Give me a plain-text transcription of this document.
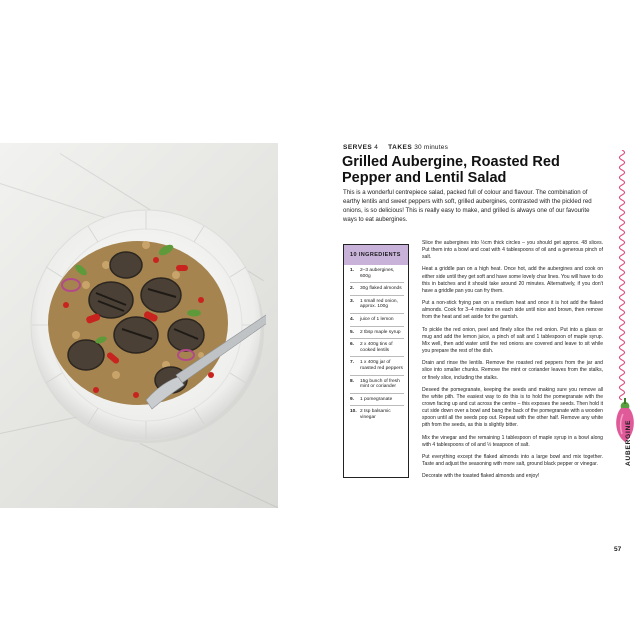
SERVES 4 TAKES 30 minutes
Grilled Aubergine, Roasted Red Pepper and Lentil Salad

This is a wonderful centrepiece salad, packed full of colour and flavour. The combination of earthy lentils and sweet peppers with soft, grilled aubergines, contrasted with the pickled red onions, is so delicious! This is really easy to make, and grilled is always one of our favourite ways to eat aubergines.

10 INGREDIENTS
1.	2–3 aubergines, 600g
2.	30g flaked almonds
3.	1 small red onion, approx. 100g
4.	juice of 1 lemon
5.	2 tbsp maple syrup
6.	2 x 400g tins of cooked lentils
7.	1 x 400g jar of roasted red peppers
8.	15g bunch of fresh mint or coriander
9.	1 pomegranate
10. 2 tsp balsamic vinegar

Slice the aubergines into ½cm thick circles – you should get approx. 48 slices. Put them into a bowl and coat with 4 tablespoons of oil and a generous pinch of salt.

Heat a griddle pan on a high heat. Once hot, add the aubergines and cook on either side until they get soft and have some lovely char lines. You will have to do this in batches and it should take around 20 minutes. Alternatively, if you don't have a griddle pan you can fry them.

Put a non-stick frying pan on a medium heat and once it is hot add the flaked almonds. Cook for 3–4 minutes on each side until nice and brown, then remove from the heat and set aside for the garnish.

To pickle the red onion, peel and finely slice the red onion. Put into a glass or mug and add the lemon juice, a pinch of salt and 1 tablespoon of maple syrup. Mix well, then add water until the red onions are covered and leave to sit while you prepare the rest of the dish.

Drain and rinse the lentils. Remove the roasted red peppers from the jar and slice into smaller chunks. Remove the mint or coriander leaves from the stalks, or finely slice, including the stalks.

Deseed the pomegranate, keeping the seeds and making sure you remove all the white pith. The easiest way to do this is to hold the pomegranate with the crown facing up and cut across the centre – this exposes the seeds. Then hold it cut side down over a bowl and bang the back of the pomegranate with a wooden spoon until all the seeds pop out. Repeat with the other half. Remove any white pith from the seeds, as this is slightly bitter.

Mix the vinegar and the remaining 1 tablespoon of maple syrup in a bowl along with 4 tablespoons of oil and ½ teaspoon of salt.

Put everything except the flaked almonds into a large bowl and mix together. Taste and adjust the seasoning with more salt, ground black pepper or vinegar.

Decorate with the toasted flaked almonds and enjoy!

AUBERGINE
57
